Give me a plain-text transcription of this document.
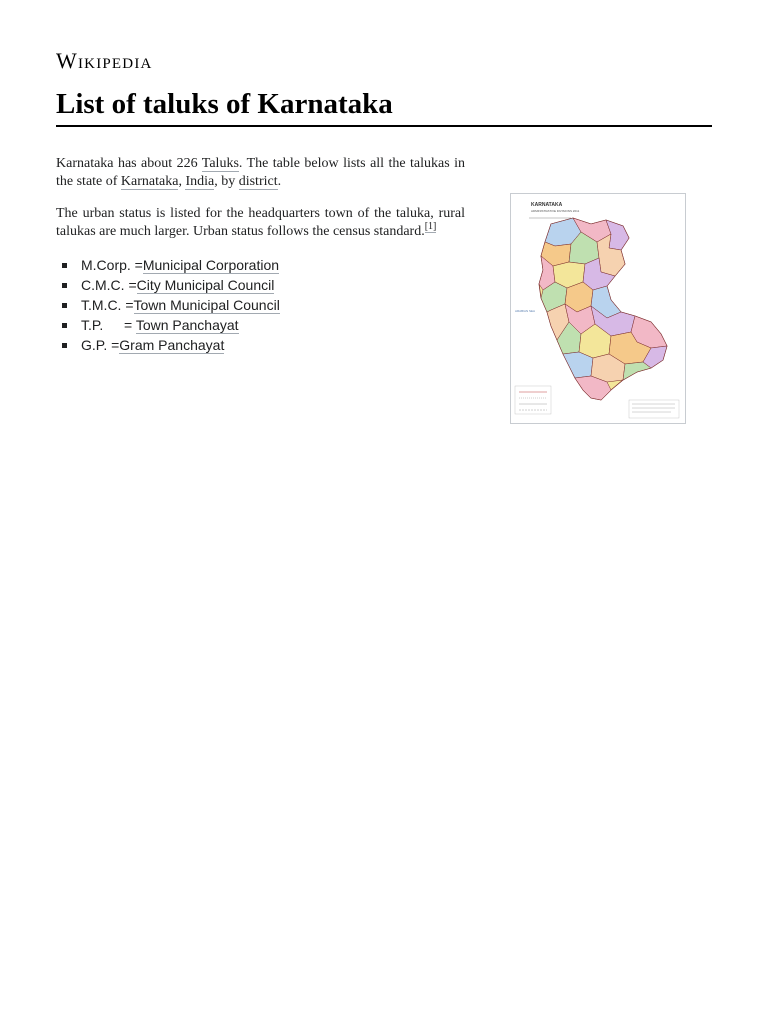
Wikipedia
List of taluks of Karnataka

Karnataka has about 226 Taluks. The table below lists all the talukas in the state of Karnataka, India, by district.

The urban status is listed for the headquarters town of the taluka, rural talukas are much larger. Urban status follows the census standard.[1]

M.Corp. =Municipal Corporation
C.M.C. =City Municipal Council
T.M.C. =Town Municipal Council
T.P. = Town Panchayat
G.P. =Gram Panchayat
KARNATAKA
ADMINISTRATIVE DIVISIONS 2011
ARABIAN SEA
